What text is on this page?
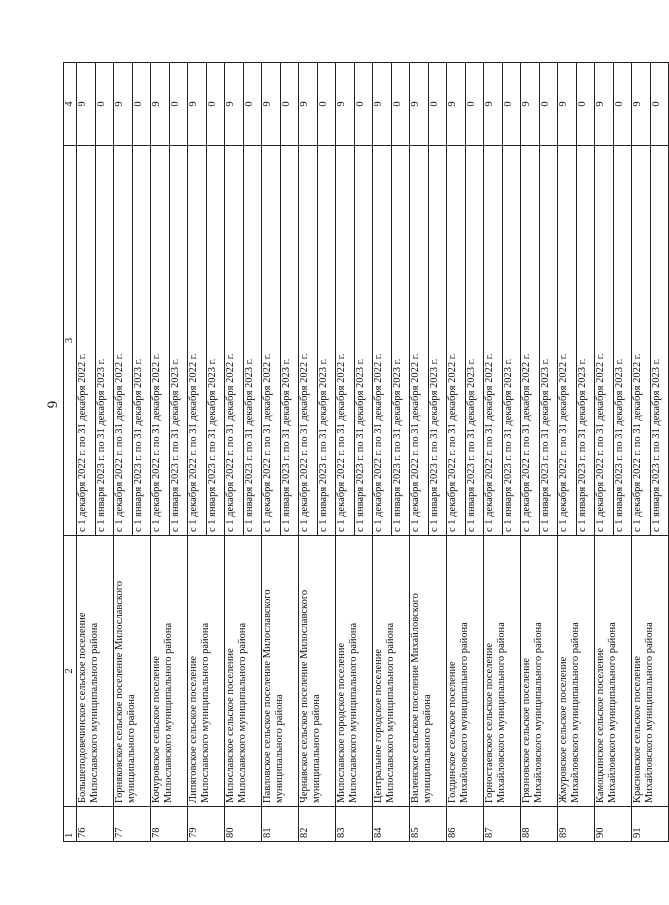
6
1	2	3	4
76	Большеподовечинское сельское поселение Милославского муниципального района	с 1 декабря 2022 г. по 31 декабря 2022 г.	9
		с 1 января 2023 г. по 31 декабря 2023 г.	0
77	Горняковское сельское поселение Милославского муниципального района	с 1 декабря 2022 г. по 31 декабря 2022 г.	9
		с 1 января 2023 г. по 31 декабря 2023 г.	0
78	Кочуровское сельское поселение Милославского муниципального района	с 1 декабря 2022 г. по 31 декабря 2022 г.	9
		с 1 января 2023 г. по 31 декабря 2023 г.	0
79	Липяговское сельское поселение Милославского муниципального района	с 1 декабря 2022 г. по 31 декабря 2022 г.	9
		с 1 января 2023 г. по 31 декабря 2023 г.	0
80	Милославское сельское поселение Милославского муниципального района	с 1 декабря 2022 г. по 31 декабря 2022 г.	9
		с 1 января 2023 г. по 31 декабря 2023 г.	0
81	Павловское сельское поселение Милославского муниципального района	с 1 декабря 2022 г. по 31 декабря 2022 г.	9
		с 1 января 2023 г. по 31 декабря 2023 г.	0
82	Чернавское сельское поселение Милославского муниципального района	с 1 декабря 2022 г. по 31 декабря 2022 г.	9
		с 1 января 2023 г. по 31 декабря 2023 г.	0
83	Милославское городское поселение Милославского муниципального района	с 1 декабря 2022 г. по 31 декабря 2022 г.	9
		с 1 января 2023 г. по 31 декабря 2023 г.	0
84	Центральное городское поселение Милославского муниципального района	с 1 декабря 2022 г. по 31 декабря 2022 г.	9
		с 1 января 2023 г. по 31 декабря 2023 г.	0
85	Виленское сельское поселение Михайловского муниципального района	с 1 декабря 2022 г. по 31 декабря 2022 г.	9
		с 1 января 2023 г. по 31 декабря 2023 г.	0
86	Голдинское сельское поселение Михайловского муниципального района	с 1 декабря 2022 г. по 31 декабря 2022 г.	9
		с 1 января 2023 г. по 31 декабря 2023 г.	0
87	Горностаевское сельское поселение Михайловского муниципального района	с 1 декабря 2022 г. по 31 декабря 2022 г.	9
		с 1 января 2023 г. по 31 декабря 2023 г.	0
88	Грязновское сельское поселение Михайловского муниципального района	с 1 декабря 2022 г. по 31 декабря 2022 г.	9
		с 1 января 2023 г. по 31 декабря 2023 г.	0
89	Жмуровское сельское поселение Михайловского муниципального района	с 1 декабря 2022 г. по 31 декабря 2022 г.	9
		с 1 января 2023 г. по 31 декабря 2023 г.	0
90	Камоцкинское сельское поселение Михайловского муниципального района	с 1 декабря 2022 г. по 31 декабря 2022 г.	9
		с 1 января 2023 г. по 31 декабря 2023 г.	0
91	Красновское сельское поселение Михайловского муниципального района	с 1 декабря 2022 г. по 31 декабря 2022 г.	9
		с 1 января 2023 г. по 31 декабря 2023 г.	0
